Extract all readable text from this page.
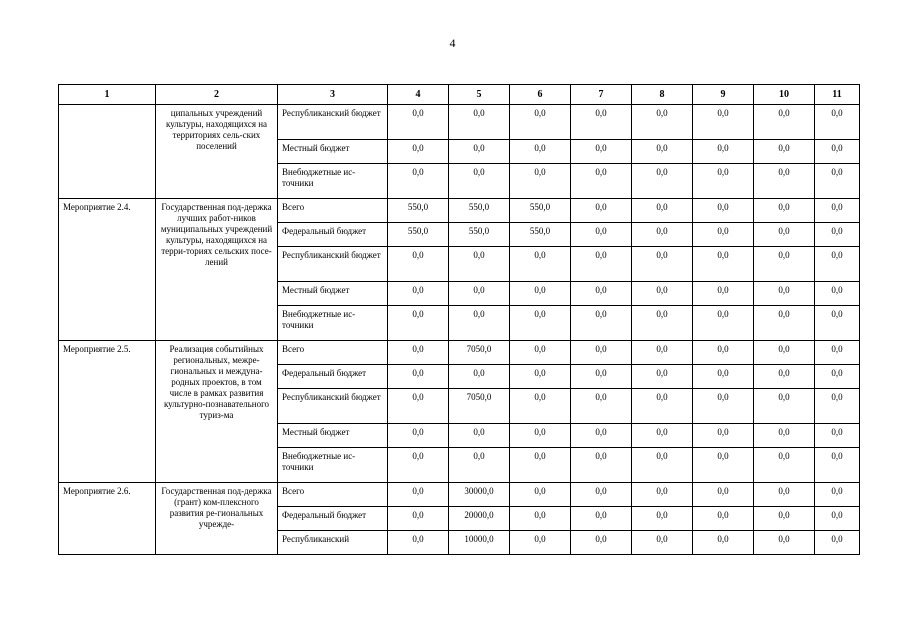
4
1	2	3	4	5	6	7	8	9	10	11
	ципальных учреждений культуры, находящихся на территориях сель-ских поселений	Республиканский бюджет	0,0	0,0	0,0	0,0	0,0	0,0	0,0	0,0
		Местный бюджет	0,0	0,0	0,0	0,0	0,0	0,0	0,0	0,0
		Внебюджетные ис-точники	0,0	0,0	0,0	0,0	0,0	0,0	0,0	0,0
Мероприятие 2.4.	Государственная под-держка лучших работ-ников муниципальных учреждений культуры, находящихся на терри-ториях сельских посе-лений	Всего	550,0	550,0	550,0	0,0	0,0	0,0	0,0	0,0
		Федеральный бюджет	550,0	550,0	550,0	0,0	0,0	0,0	0,0	0,0
		Республиканский бюджет	0,0	0,0	0,0	0,0	0,0	0,0	0,0	0,0
		Местный бюджет	0,0	0,0	0,0	0,0	0,0	0,0	0,0	0,0
		Внебюджетные ис-точники	0,0	0,0	0,0	0,0	0,0	0,0	0,0	0,0
Мероприятие 2.5.	Реализация событийных региональных, межре-гиональных и междуна-родных проектов, в том числе в рамках развития культурно-познавательного туриз-ма	Всего	0,0	7050,0	0,0	0,0	0,0	0,0	0,0	0,0
		Федеральный бюджет	0,0	0,0	0,0	0,0	0,0	0,0	0,0	0,0
		Республиканский бюджет	0,0	7050,0	0,0	0,0	0,0	0,0	0,0	0,0
		Местный бюджет	0,0	0,0	0,0	0,0	0,0	0,0	0,0	0,0
		Внебюджетные ис-точники	0,0	0,0	0,0	0,0	0,0	0,0	0,0	0,0
Мероприятие 2.6.	Государственная под-держка (грант) ком-плексного развития ре-гиональных учрежде-	Всего	0,0	30000,0	0,0	0,0	0,0	0,0	0,0	0,0
		Федеральный бюджет	0,0	20000,0	0,0	0,0	0,0	0,0	0,0	0,0
		Республиканский	0,0	10000,0	0,0	0,0	0,0	0,0	0,0	0,0
